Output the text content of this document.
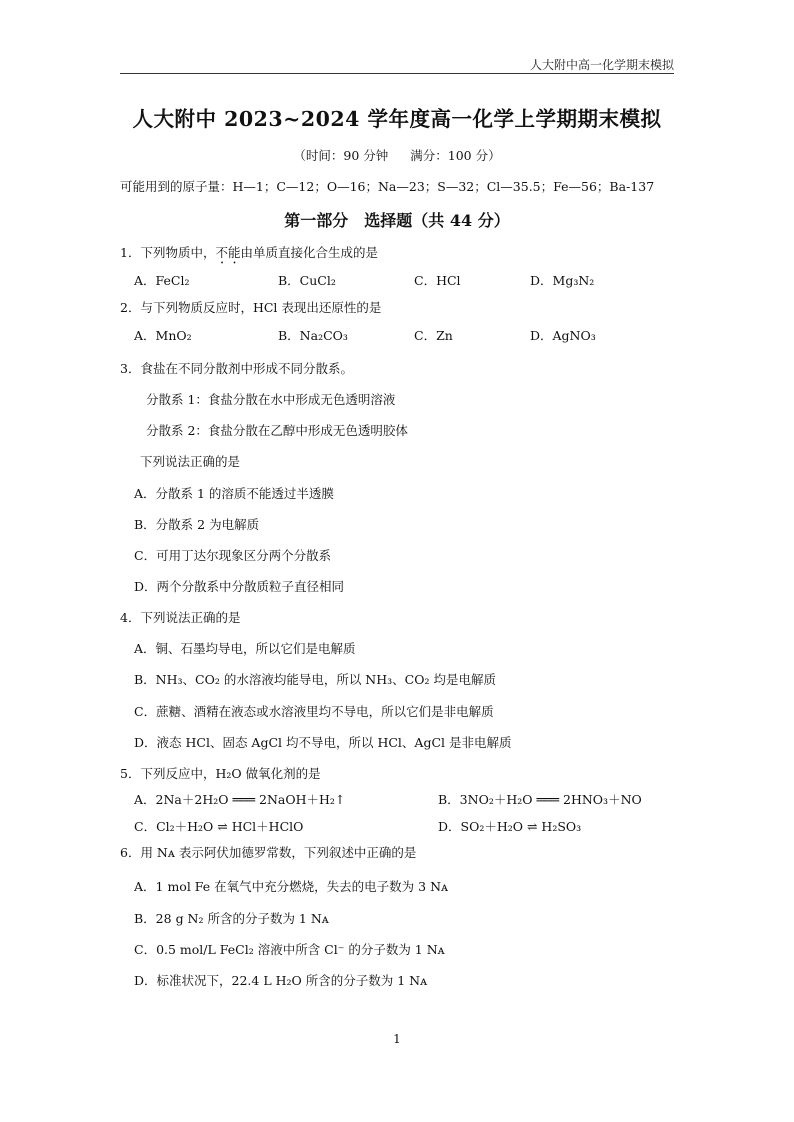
人大附中高一化学期末模拟
人大附中 2023~2024 学年度高一化学上学期期末模拟
（时间：90 分钟 满分：100 分）
可能用到的原子量：H—1；C—12；O—16；Na—23；S—32；Cl—35.5；Fe—56；Ba-137
第一部分　选择题（共 44 分）
1．下列物质中，不能由单质直接化合生成的是
A．FeCl₂	B．CuCl₂	C．HCl	D．Mg₃N₂
2．与下列物质反应时，HCl 表现出还原性的是
A．MnO₂	B．Na₂CO₃	C．Zn	D．AgNO₃
3．食盐在不同分散剂中形成不同分散系。
分散系 1：食盐分散在水中形成无色透明溶液
分散系 2：食盐分散在乙醇中形成无色透明胶体
下列说法正确的是
A．分散系 1 的溶质不能透过半透膜
B．分散系 2 为电解质
C．可用丁达尔现象区分两个分散系
D．两个分散系中分散质粒子直径相同
4．下列说法正确的是
A．铜、石墨均导电，所以它们是电解质
B．NH₃、CO₂ 的水溶液均能导电，所以 NH₃、CO₂ 均是电解质
C．蔗糖、酒精在液态或水溶液里均不导电，所以它们是非电解质
D．液态 HCl、固态 AgCl 均不导电，所以 HCl、AgCl 是非电解质
5．下列反应中，H₂O 做氧化剂的是
A．2Na＋2H₂O ═══ 2NaOH＋H₂↑	B．3NO₂＋H₂O ═══ 2HNO₃＋NO
C．Cl₂＋H₂O ⇌ HCl＋HClO	D．SO₂＋H₂O ⇌ H₂SO₃
6．用 Nᴀ 表示阿伏加德罗常数，下列叙述中正确的是
A．1 mol Fe 在氧气中充分燃烧，失去的电子数为 3 Nᴀ
B．28 g N₂ 所含的分子数为 1 Nᴀ
C．0.5 mol/L FeCl₂ 溶液中所含 Cl⁻ 的分子数为 1 Nᴀ
D．标准状况下，22.4 L H₂O 所含的分子数为 1 Nᴀ
1
